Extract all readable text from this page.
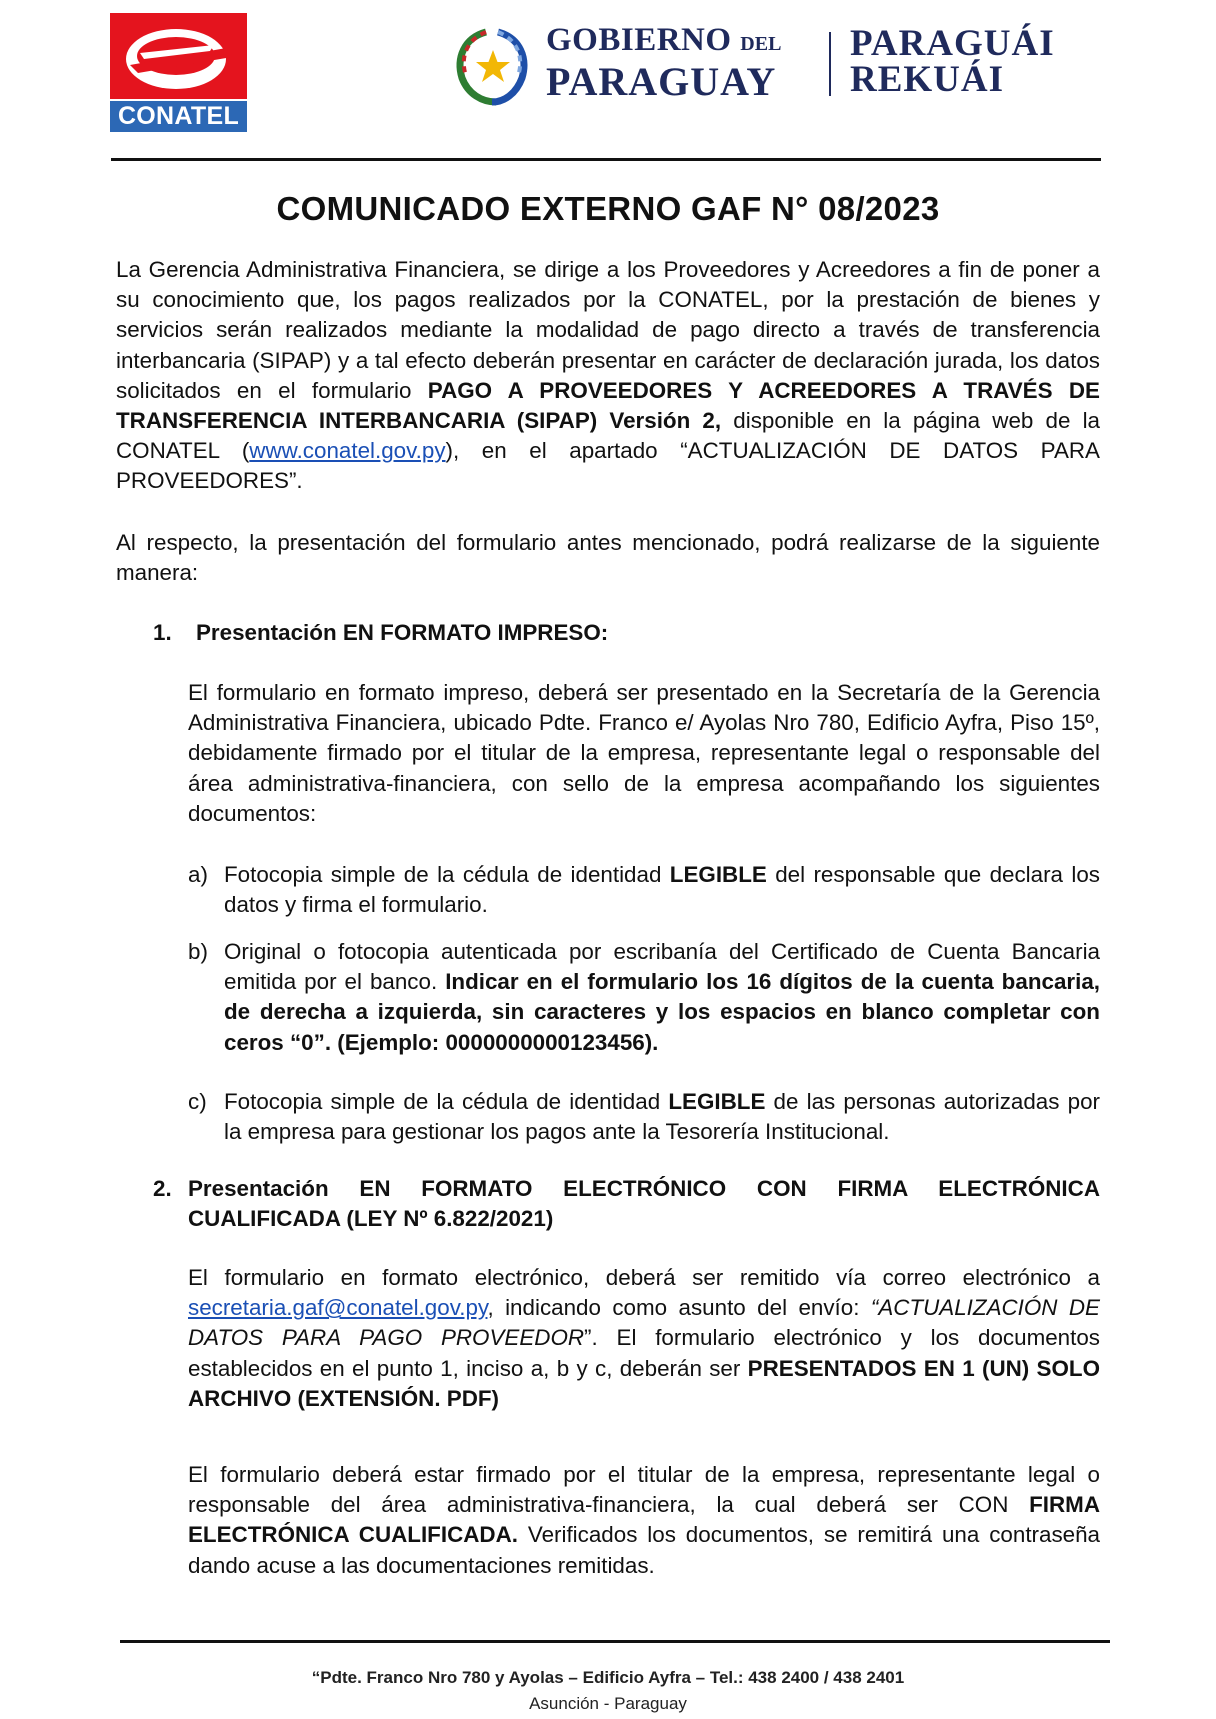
CONATEL
GOBIERNO DEL
PARAGUAY
PARAGUÁI
REKUÁI
COMUNICADO EXTERNO GAF N° 08/2023
La Gerencia Administrativa Financiera, se dirige a los Proveedores y Acreedores a fin de poner a su conocimiento que, los pagos realizados por la CONATEL, por la prestación de bienes y servicios serán realizados mediante la modalidad de pago directo a través de transferencia interbancaria (SIPAP) y a tal efecto deberán presentar en carácter de declaración jurada, los datos solicitados en el formulario PAGO A PROVEEDORES Y ACREEDORES A TRAVÉS DE TRANSFERENCIA INTERBANCARIA (SIPAP) Versión 2, disponible en la página web de la CONATEL (www.conatel.gov.py), en el apartado “ACTUALIZACIÓN DE DATOS PARA PROVEEDORES”.
Al respecto, la presentación del formulario antes mencionado, podrá realizarse de la siguiente manera:
1. Presentación EN FORMATO IMPRESO:
El formulario en formato impreso, deberá ser presentado en la Secretaría de la Gerencia Administrativa Financiera, ubicado Pdte. Franco e/ Ayolas Nro 780, Edificio Ayfra, Piso 15º, debidamente firmado por el titular de la empresa, representante legal o responsable del área administrativa-financiera, con sello de la empresa acompañando los siguientes documentos:
a) Fotocopia simple de la cédula de identidad LEGIBLE del responsable que declara los datos y firma el formulario.
b) Original o fotocopia autenticada por escribanía del Certificado de Cuenta Bancaria emitida por el banco. Indicar en el formulario los 16 dígitos de la cuenta bancaria, de derecha a izquierda, sin caracteres y los espacios en blanco completar con ceros “0”. (Ejemplo: 0000000000123456).
c) Fotocopia simple de la cédula de identidad LEGIBLE de las personas autorizadas por la empresa para gestionar los pagos ante la Tesorería Institucional.
2. Presentación EN FORMATO ELECTRÓNICO CON FIRMA ELECTRÓNICA CUALIFICADA (LEY Nº 6.822/2021)
El formulario en formato electrónico, deberá ser remitido vía correo electrónico a secretaria.gaf@conatel.gov.py, indicando como asunto del envío: “ACTUALIZACIÓN DE DATOS PARA PAGO PROVEEDOR”. El formulario electrónico y los documentos establecidos en el punto 1, inciso a, b y c, deberán ser PRESENTADOS EN 1 (UN) SOLO ARCHIVO (EXTENSIÓN. PDF)
El formulario deberá estar firmado por el titular de la empresa, representante legal o responsable del área administrativa-financiera, la cual deberá ser CON FIRMA ELECTRÓNICA CUALIFICADA. Verificados los documentos, se remitirá una contraseña dando acuse a las documentaciones remitidas.
“Pdte. Franco Nro 780 y Ayolas – Edificio Ayfra – Tel.: 438 2400 / 438 2401
Asunción - Paraguay
